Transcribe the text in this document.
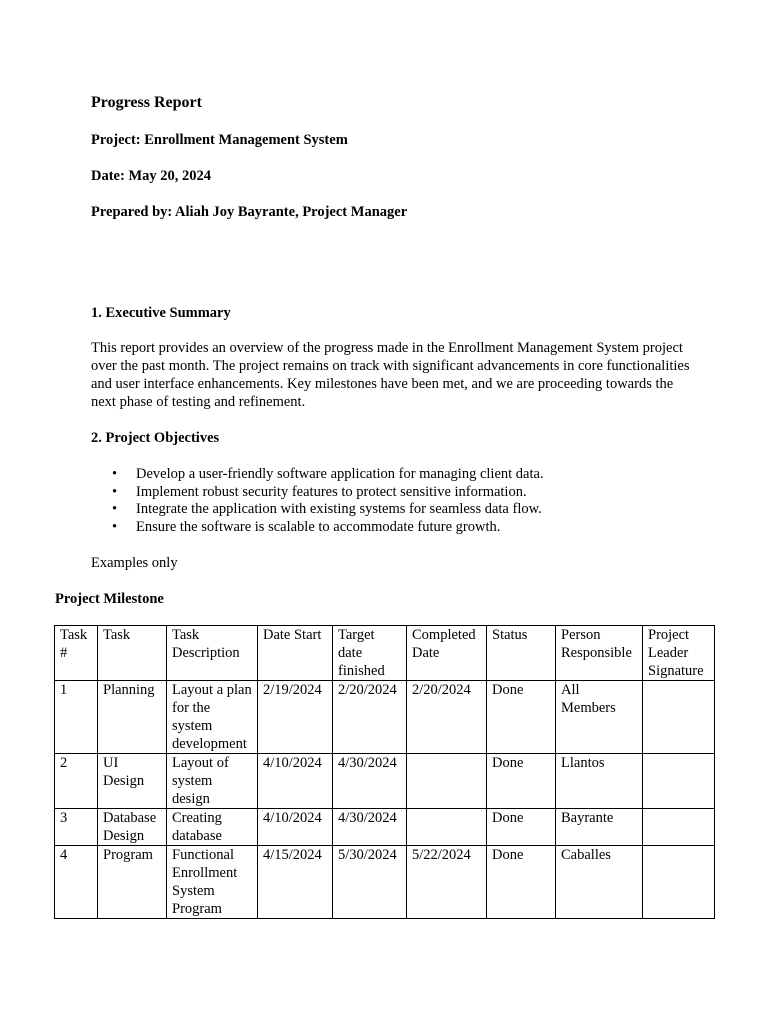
Progress Report
Project: Enrollment Management System
Date: May 20, 2024
Prepared by: Aliah Joy Bayrante, Project Manager
1. Executive Summary

This report provides an overview of the progress made in the Enrollment Management System project over the past month. The project remains on track with significant advancements in core functionalities and user interface enhancements. Key milestones have been met, and we are proceeding towards the next phase of testing and refinement.

2. Project Objectives
• Develop a user-friendly software application for managing client data.
• Implement robust security features to protect sensitive information.
• Integrate the application with existing systems for seamless data flow.
• Ensure the software is scalable to accommodate future growth.
Examples only
Project Milestone
Task #	Task	Task Description	Date Start	Target date finished	Completed Date	Status	Person Responsible	Project Leader Signature
1	Planning	Layout a plan for the system development	2/19/2024	2/20/2024	2/20/2024	Done	All Members	
2	UI Design	Layout of system design	4/10/2024	4/30/2024		Done	Llantos	
3	Database Design	Creating database	4/10/2024	4/30/2024		Done	Bayrante	
4	Program	Functional Enrollment System Program	4/15/2024	5/30/2024	5/22/2024	Done	Caballes	
